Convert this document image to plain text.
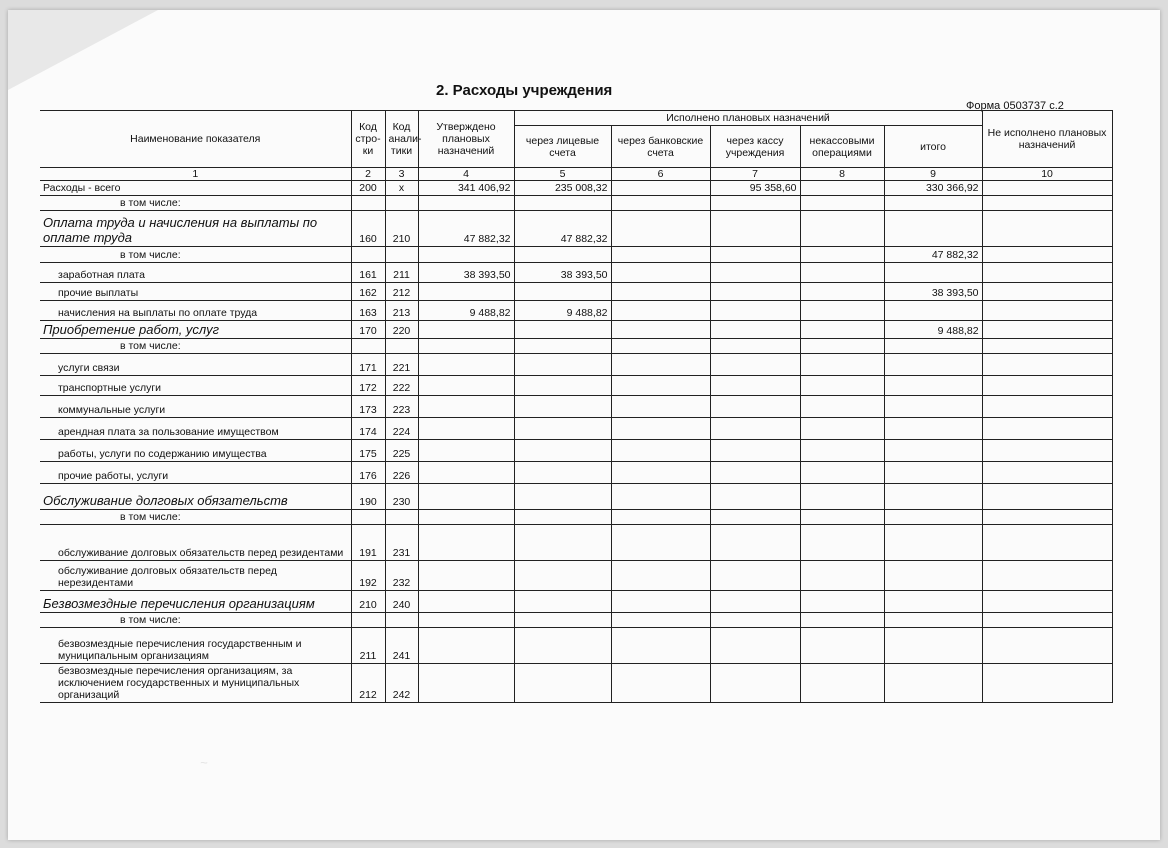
2. Расходы учреждения
Форма 0503737 с.2
Наименование показателя	Код стро- ки	Код анали- тики	Утверждено плановых назначений	Исполнено плановых назначений					Не исполнено плановых назначений
				через лицевые счета	через банковские счета	через кассу учреждения	некассовыми операциями	итого	
1	2	3	4	5	6	7	8	9	10
Расходы - всего	200	x	341 406,92	235 008,32		95 358,60		330 366,92	
в том числе:									
Оплата труда и начисления на выплаты по оплате труда	160	210	47 882,32	47 882,32					
в том числе:								47 882,32	
заработная плата	161	211	38 393,50	38 393,50					
прочие выплаты	162	212						38 393,50	
начисления на выплаты по оплате труда	163	213	9 488,82	9 488,82					
Приобретение работ, услуг	170	220						9 488,82	
в том числе:									
услуги связи	171	221							
транспортные услуги	172	222							
коммунальные услуги	173	223							
арендная плата за пользование имуществом	174	224							
работы, услуги по содержанию имущества	175	225							
прочие работы, услуги	176	226							
Обслуживание долговых обязательств	190	230							
в том числе:									
обслуживание долговых обязательств перед резидентами	191	231							
обслуживание долговых обязательств перед нерезидентами	192	232							
Безвозмездные перечисления организациям	210	240							
в том числе:									
безвозмездные перечисления государственным и муниципальным организациям	211	241							
безвозмездные перечисления организациям, за исключением государственных и муниципальных организаций	212	242							
~
